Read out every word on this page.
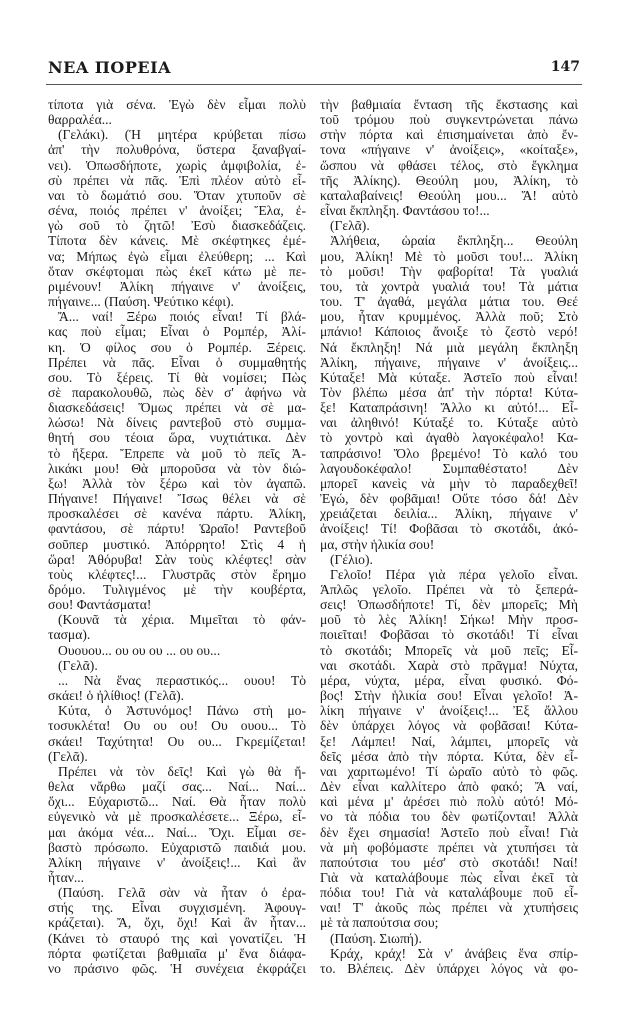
ΝΕΑ ΠΟΡΕΙΑ	147
τίποτα γιὰ σένα. Ἐγὼ δὲν εἶμαι πολὺ
θαρραλέα...
(Γελάκι). (Ἡ μητέρα κρύβεται πίσω
ἀπ' τὴν πολυθρόνα, ὕστερα ξαναβγαί-
νει). Ὁπωσδήποτε, χωρὶς ἀμφιβολία, ἐ-
σὺ πρέπει νὰ πᾶς. Ἐπὶ πλέον αὐτὸ εἶ-
ναι τὸ δωμάτιό σου. Ὅταν χτυποῦν σὲ
σένα, ποιός πρέπει ν' ἀνοίξει; Ἔλα, ἐ-
γὼ σοῦ τὸ ζητῶ! Ἐσὺ διασκεδάζεις.
Τίποτα δὲν κάνεις. Μὲ σκέφτηκες ἐμέ-
να; Μήπως ἐγὼ εἶμαι ἐλεύθερη; ... Καὶ
ὅταν σκέφτομαι πὼς ἐκεῖ κάτω μὲ πε-
ριμένουν! Ἀλίκη πήγαινε ν' ἀνοίξεις,
πήγαινε... (Παύση. Ψεύτικο κέφι).
Ἄ... ναί! Ξέρω ποιός εἶναι! Τί βλά-
κας ποὺ εἶμαι; Εἶναι ὁ Ρομπέρ, Ἀλί-
κη. Ὁ φίλος σου ὁ Ρομπέρ. Ξέρεις.
Πρέπει νὰ πᾶς. Εἶναι ὁ συμμαθητής
σου. Τὸ ξέρεις. Τί θὰ νομίσει; Πὼς
σὲ παρακολουθῶ, πὼς δὲν σ' ἀφήνω νὰ
διασκεδάσεις! Ὅμως πρέπει νὰ σὲ μα-
λώσω! Νὰ δίνεις ραντεβοῦ στὸ συμμα-
θητή σου τέοια ὥρα, νυχτιάτικα. Δὲν
τὸ ἤξερα. Ἔπρεπε νὰ μοῦ τὸ πεῖς Ἀ-
λικάκι μου! Θὰ μποροῦσα νὰ τὸν διώ-
ξω! Ἀλλὰ τὸν ξέρω καὶ τὸν ἀγαπῶ.
Πήγαινε! Πήγαινε! Ἴσως θέλει νὰ σὲ
προσκαλέσει σὲ κανένα πάρτυ. Ἀλίκη,
φαντάσου, σὲ πάρτυ! Ὡραῖο! Ραντεβοῦ
σοῦπερ μυστικό. Ἀπόρρητο! Στὶς 4 ἡ
ὥρα! Ἀθόρυβα! Σὰν τοὺς κλέφτες! σὰν
τοὺς κλέφτες!... Γλυστρᾶς στὸν ἔρημο
δρόμο. Τυλιγμένος μὲ τὴν κουβέρτα,
σου! Φαντάσματα!
(Κουνᾶ τὰ χέρια. Μιμεῖται τὸ φάν-
τασμα).
Ουουου... ου ου ου ... ου ου...
(Γελᾶ).
... Νὰ ἕνας περαστικός... ουου! Τὸ
σκάει! ὁ ἠλίθιος! (Γελᾶ).
Κύτα, ὁ Ἀστυνόμος! Πάνω στὴ μο-
τοσυκλέτα! Ου ου ου! Ου ουου... Τὸ
σκάει! Ταχύτητα! Ου ου... Γκρεμίζεται!
(Γελᾶ).
Πρέπει νὰ τὸν δεῖς! Καὶ γὼ θὰ ἤ-
θελα νἄρθω μαζί σας... Ναί... Ναί...
ὄχι... Εὐχαριστῶ... Ναί. Θὰ ἦταν πολὺ
εὐγενικὸ νὰ μὲ προσκαλέσετε... Ξέρω, εἶ-
μαι ἀκόμα νέα... Ναί... Ὄχι. Εἶμαι σε-
βαστὸ πρόσωπο. Εὐχαριστῶ παιδιά μου.
Ἀλίκη πήγαινε ν' ἀνοίξεις!... Καὶ ἂν
ἦταν...
(Παύση. Γελᾶ σὰν νὰ ἦταν ὁ ἐρα-
στής της. Εἶναι συγχισμένη. Ἀφουγ-
κράζεται). Ἄ, ὄχι, ὄχι! Καὶ ἂν ἦταν...
(Κάνει τὸ σταυρό της καὶ γονατίζει. Ἡ
πόρτα φωτίζεται βαθμιαῖα μ' ἕνα διάφα-
νο πράσινο φῶς. Ἡ συνέχεια ἐκφράζει
τὴν βαθμιαία ἔνταση τῆς ἔκστασης καὶ
τοῦ τρόμου ποὺ συγκεντρώνεται πάνω
στὴν πόρτα καὶ ἐπισημαίνεται ἀπὸ ἔν-
τονα «πήγαινε ν' ἀνοίξεις», «κοίταξε»,
ὥσπου νὰ φθάσει τέλος, στὸ ἔγκλημα
τῆς Ἀλίκης). Θεούλη μου, Ἀλίκη, τὸ
καταλαβαίνεις! Θεούλη μου... Ἄ! αὐτὸ
εἶναι ἔκπληξη. Φαντάσου το!...
(Γελᾶ).
Ἀλήθεια, ὡραία ἔκπληξη... Θεούλη
μου, Ἀλίκη! Μὲ τὸ μοῦσι του!... Ἀλίκη
τὸ μοῦσι! Τὴν φαβορίτα! Τὰ γυαλιά
του, τὰ χοντρὰ γυαλιά του! Τὰ μάτια
του. Τ' ἀγαθά, μεγάλα μάτια του. Θεέ
μου, ἦταν κρυμμένος. Ἀλλὰ ποῦ; Στὸ
μπάνιο! Κάποιος ἄνοιξε τὸ ζεστὸ νερό!
Νά ἔκπληξη! Νά μιὰ μεγάλη ἔκπληξη
Ἀλίκη, πήγαινε, πήγαινε ν' ἀνοίξεις...
Κύταξε! Μὰ κύταξε. Ἀστεῖο ποὺ εἶναι!
Τὸν βλέπω μέσα ἀπ' τὴν πόρτα! Κύτα-
ξε! Καταπράσινη! Ἄλλο κι αὐτό!... Εἶ-
ναι ἀληθινό! Κύταξέ το. Κύταξε αὐτὸ
τὸ χοντρὸ καὶ ἀγαθὸ λαγοκέφαλο! Κα-
ταπράσινο! Ὅλο βρεμένο! Τὸ καλό του
λαγουδοκέφαλο! Συμπαθέστατο! Δὲν
μπορεῖ κανεὶς νὰ μὴν τὸ παραδεχθεῖ!
Ἐγώ, δὲν φοβᾶμαι! Οὔτε τόσο δά! Δὲν
χρειάζεται δειλία... Ἀλίκη, πήγαινε ν'
ἀνοίξεις! Τί! Φοβᾶσαι τὸ σκοτάδι, ἀκό-
μα, στὴν ἡλικία σου!
(Γέλιο).
Γελοῖο! Πέρα γιὰ πέρα γελοῖο εἶναι.
Ἁπλῶς γελοῖο. Πρέπει νὰ τὸ ξεπερά-
σεις! Ὁπωσδήποτε! Τί, δὲν μπορεῖς; Μὴ
μοῦ τὸ λὲς Ἀλίκη! Σήκω! Μὴν προσ-
ποιεῖται! Φοβᾶσαι τὸ σκοτάδι! Τί εἶναι
τὸ σκοτάδι; Μπορεῖς νὰ μοῦ πεῖς; Εἶ-
ναι σκοτάδι. Χαρὰ στὸ πρᾶγμα! Νύχτα,
μέρα, νύχτα, μέρα, εἶναι φυσικό. Φό-
βος! Στὴν ἡλικία σου! Εἶναι γελοῖο! Ἀ-
λίκη πήγαινε ν' ἀνοίξεις!... Ἐξ ἄλλου
δὲν ὑπάρχει λόγος νὰ φοβᾶσαι! Κύτα-
ξε! Λάμπει! Ναί, λάμπει, μπορεῖς νὰ
δεῖς μέσα ἀπὸ τὴν πόρτα. Κύτα, δὲν εἶ-
ναι χαριτωμένο! Τί ὡραῖο αὐτὸ τὸ φῶς.
Δὲν εἶναι καλλίτερο ἀπὸ φακό; Ἄ ναί,
καὶ μένα μ' ἀρέσει πιὸ πολὺ αὐτό! Μό-
νο τὰ πόδια του δὲν φωτίζονται! Ἀλλὰ
δὲν ἔχει σημασία! Ἀστεῖο ποὺ εἶναι! Γιὰ
νὰ μὴ φοβόμαστε πρέπει νὰ χτυπήσει τὰ
παπούτσια του μέσ' στὸ σκοτάδι! Ναί!
Γιὰ νὰ καταλάβουμε πὼς εἶναι ἐκεῖ τὰ
πόδια του! Γιὰ νὰ καταλάβουμε ποῦ εἶ-
ναι! Τ' ἀκοῦς πὼς πρέπει νὰ χτυπήσεις
μὲ τὰ παπούτσια σου;
(Παύση. Σιωπή).
Κράχ, κράχ! Σὰ ν' ἀνάβεις ἕνα σπίρ-
το. Βλέπεις. Δὲν ὑπάρχει λόγος νὰ φο-
